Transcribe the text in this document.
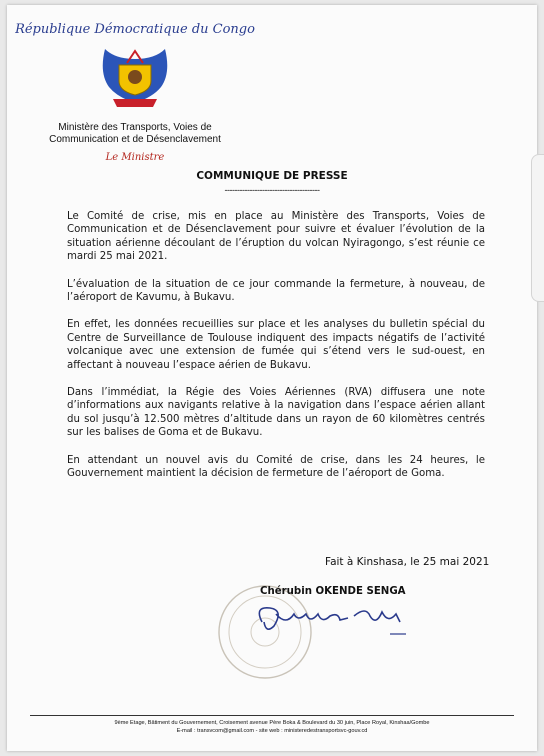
République Démocratique du Congo
Ministère des Transports, Voies de
Communication et de Désenclavement
Le Ministre
COMMUNIQUE DE PRESSE
--------------------------------------

Le Comité de crise, mis en place au Ministère des Transports, Voies de Communication et de Désenclavement pour suivre et évaluer l’évolution de la situation aérienne découlant de l’éruption du volcan Nyiragongo, s’est réunie ce mardi 25 mai 2021.

L’évaluation de la situation de ce jour commande la fermeture, à nouveau, de l’aéroport de Kavumu, à Bukavu.

En effet, les données recueillies sur place et les analyses du bulletin spécial du Centre de Surveillance de Toulouse indiquent des impacts négatifs de l’activité volcanique avec une extension de fumée qui s’étend vers le sud-ouest, en affectant à nouveau l’espace aérien de Bukavu.

Dans l’immédiat, la Régie des Voies Aériennes (RVA) diffusera une note d’informations aux navigants relative à la navigation dans l’espace aérien allant du sol jusqu’à 12.500 mètres d’altitude dans un rayon de 60 kilomètres centrés sur les balises de Goma et de Bukavu.

En attendant un nouvel avis du Comité de crise, dans les 24 heures, le Gouvernement maintient la décision de fermeture de l’aéroport de Goma.

Fait à Kinshasa, le 25 mai 2021
Chérubin OKENDE SENGA
9ème Etage, Bâtiment du Gouvernement, Croisement avenue Père Boka & Boulevard du 30 juin, Place Royal, Kinshaa/Gombe
E-mail : transvcom@gmail.com - site web : ministeredestransportsvc-gouv.cd
